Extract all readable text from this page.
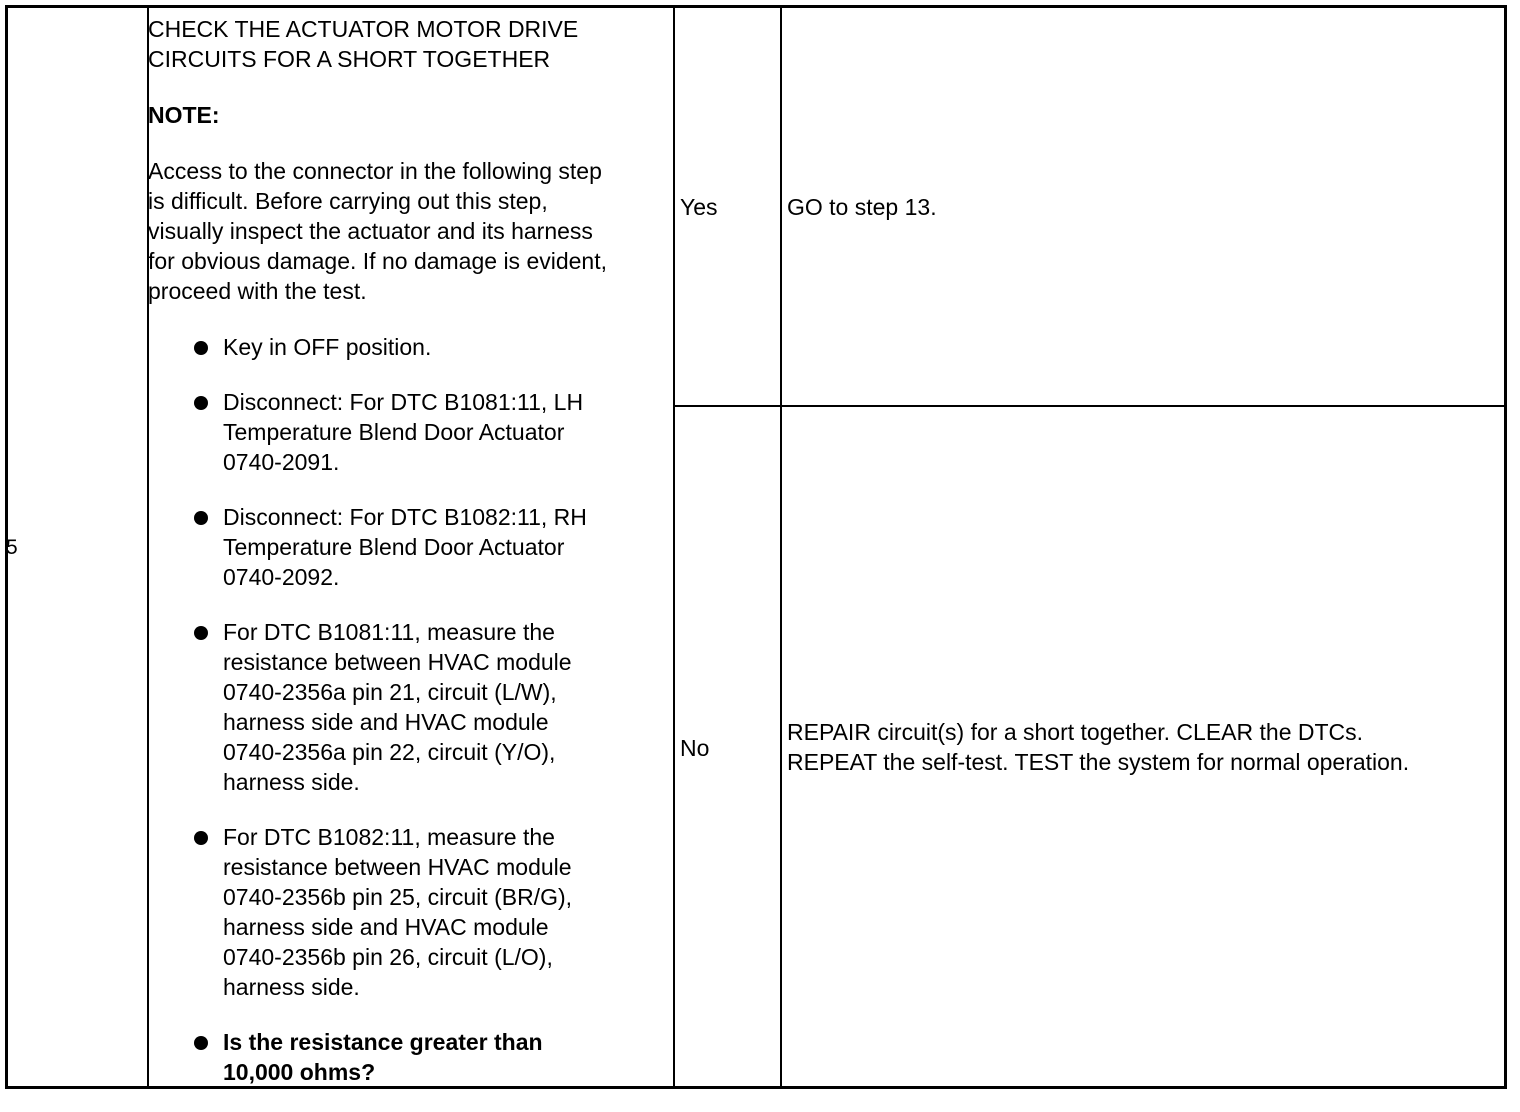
5

CHECK THE ACTUATOR MOTOR DRIVE

CIRCUITS FOR A SHORT TOGETHER

NOTE:

Access to the connector in the following step

is difficult. Before carrying out this step,

visually inspect the actuator and its harness

for obvious damage. If no damage is evident,

proceed with the test.

Key in OFF position.
Disconnect: For DTC B1081:11, LH
Temperature Blend Door Actuator
0740-2091.
Disconnect: For DTC B1082:11, RH
Temperature Blend Door Actuator
0740-2092.
For DTC B1081:11, measure the
resistance between HVAC module
0740-2356a pin 21, circuit (L/W),
harness side and HVAC module
0740-2356a pin 22, circuit (Y/O),
harness side.
For DTC B1082:11, measure the
resistance between HVAC module
0740-2356b pin 25, circuit (BR/G),
harness side and HVAC module
0740-2356b pin 26, circuit (L/O),
harness side.
Is the resistance greater than
10,000 ohms?
Yes	GO to step 13.
No
REPAIR circuit(s) for a short together. CLEAR the DTCs.
REPEAT the self-test. TEST the system for normal operation.
